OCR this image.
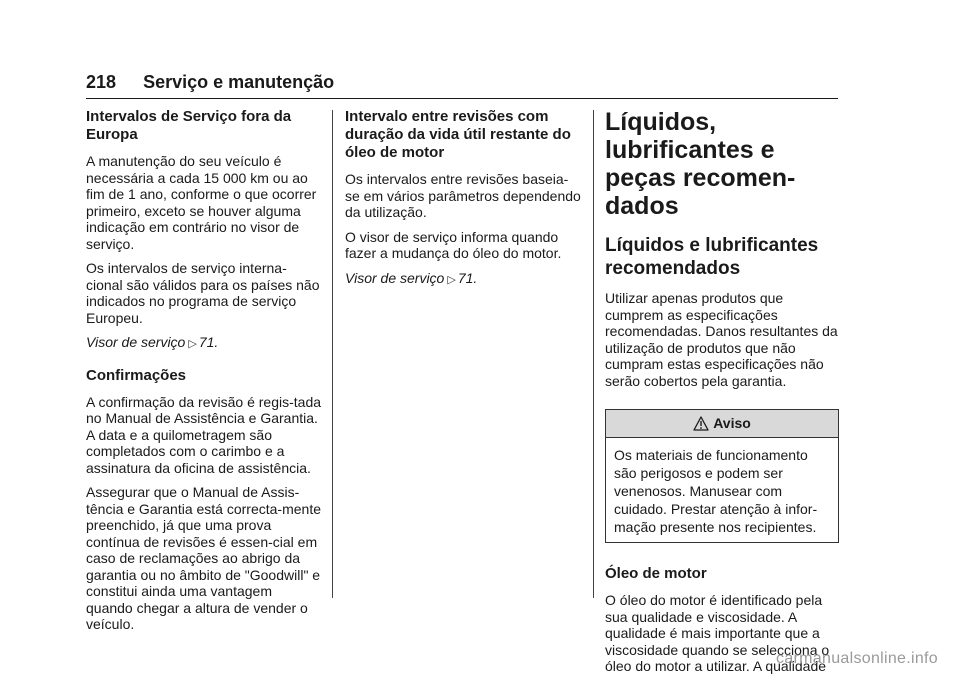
218 Serviço e manutenção
Intervalos de Serviço fora da Europa

A manutenção do seu veículo é necessária a cada 15 000 km ou ao fim de 1 ano, conforme o que ocorrer primeiro, exceto se houver alguma indicação em contrário no visor de serviço.

Os intervalos de serviço interna-cional são válidos para os países não indicados no programa de serviço Europeu.

Visor de serviço ▷ 71.

Confirmações

A confirmação da revisão é regis-tada no Manual de Assistência e Garantia. A data e a quilometragem são completados com o carimbo e a assinatura da oficina de assistência.

Assegurar que o Manual de Assis-tência e Garantia está correcta-mente preenchido, já que uma prova contínua de revisões é essen-cial em caso de reclamações ao abrigo da garantia ou no âmbito de "Goodwill" e constitui ainda uma vantagem quando chegar a altura de vender o veículo.

Intervalo entre revisões com duração da vida útil restante do óleo de motor

Os intervalos entre revisões baseia-se em vários parâmetros dependendo da utilização.

O visor de serviço informa quando fazer a mudança do óleo do motor.

Visor de serviço ▷ 71.

Líquidos, lubrificantes e peças recomen-dados
Líquidos e lubrificantes recomendados

Utilizar apenas produtos que cumprem as especificações recomendadas. Danos resultantes da utilização de produtos que não cumpram estas especificações não serão cobertos pela garantia.

Aviso
Os materiais de funcionamento são perigosos e podem ser venenosos. Manusear com cuidado. Prestar atenção à infor-mação presente nos recipientes.
Óleo de motor

O óleo do motor é identificado pela sua qualidade e viscosidade. A qualidade é mais importante que a viscosidade quando se selecciona o óleo do motor a utilizar. A qualidade

carmanualsonline.info
